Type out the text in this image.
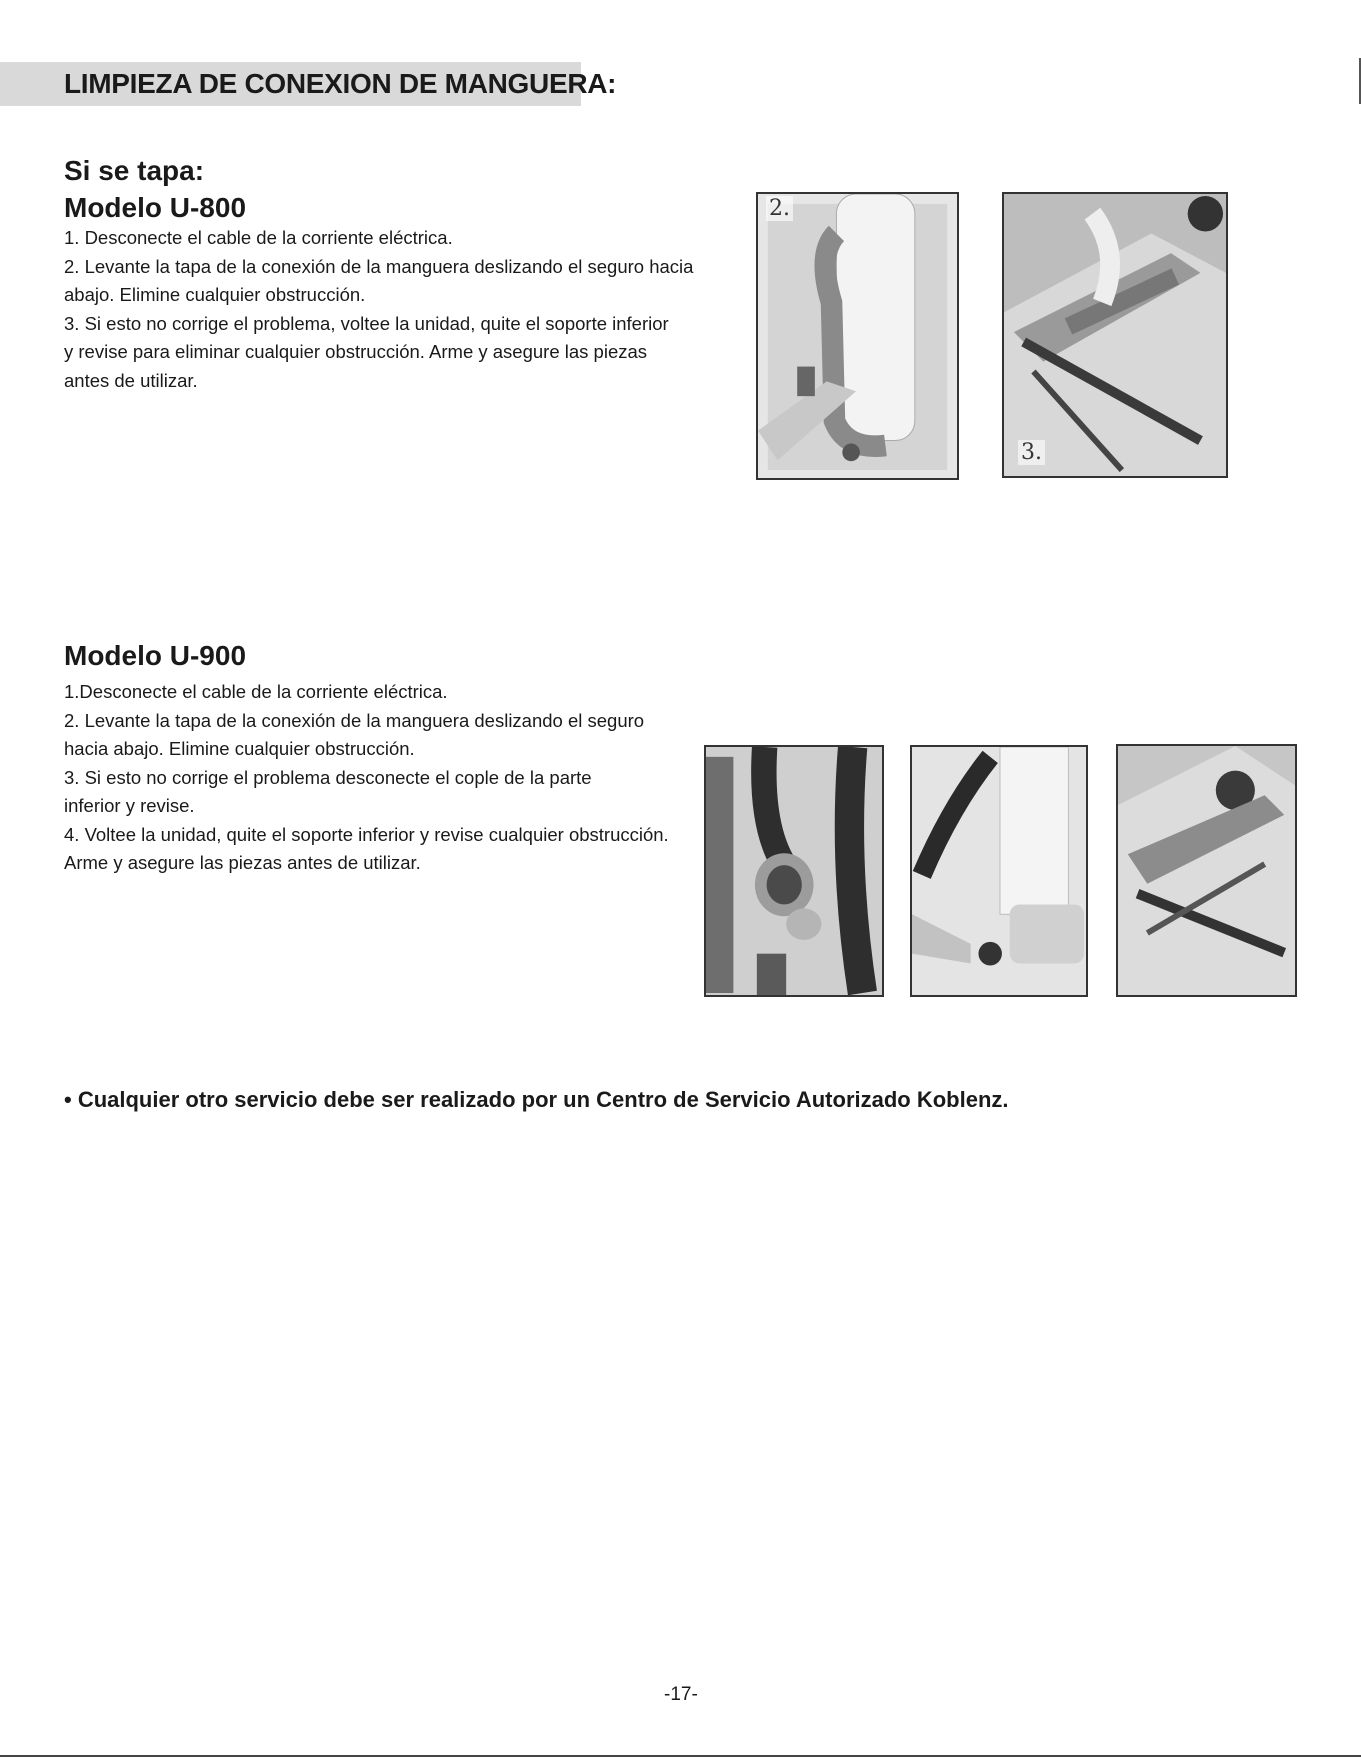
LIMPIEZA DE CONEXION DE MANGUERA:
Si se tapa:
Modelo U-800

1. Desconecte el cable de la corriente eléctrica.

2. Levante la tapa de la conexión de la manguera deslizando el seguro hacia

abajo. Elimine cualquier obstrucción.

3. Si esto no corrige el problema, voltee la unidad, quite el soporte inferior

y revise para eliminar cualquier obstrucción. Arme y asegure las piezas

antes de utilizar.

2.
3.
Modelo U-900

1.Desconecte el cable de la corriente eléctrica.

2. Levante la tapa de la conexión de la manguera deslizando el seguro

hacia abajo. Elimine cualquier obstrucción.

3. Si esto no corrige el problema desconecte el cople de la parte

inferior y revise.

4. Voltee la unidad, quite el soporte inferior y revise cualquier obstrucción.

Arme y asegure las piezas antes de utilizar.

• Cualquier otro servicio debe ser realizado por un Centro de Servicio Autorizado Koblenz.

-17-
